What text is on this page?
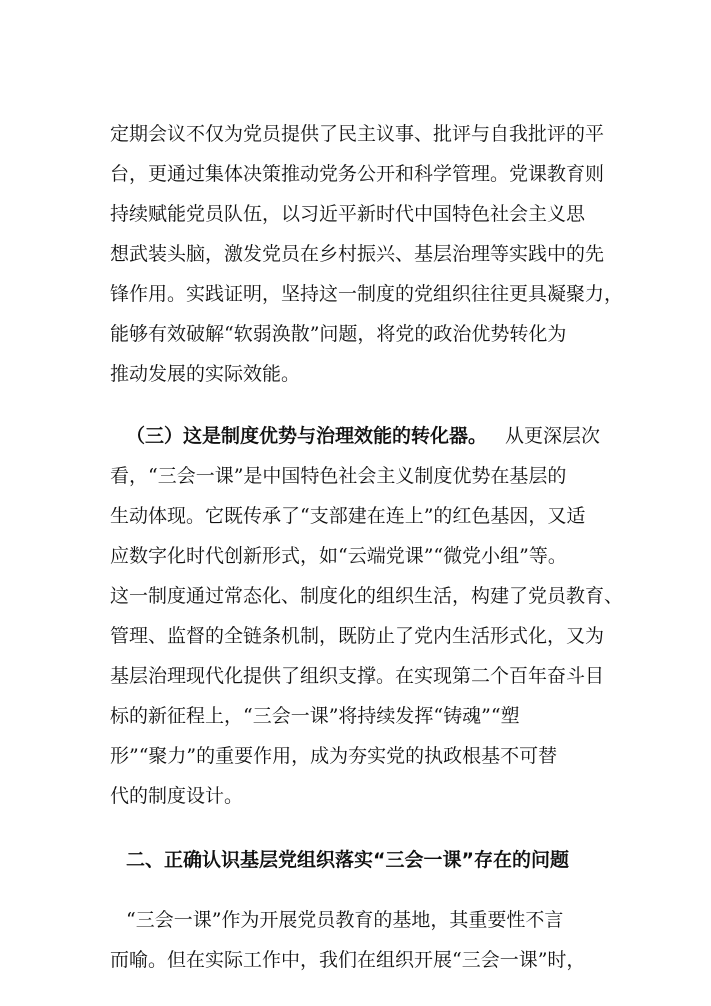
定期会议不仅为党员提供了民主议事、批评与自我批评的平
台，更通过集体决策推动党务公开和科学管理。党课教育则
持续赋能党员队伍，以习近平新时代中国特色社会主义思
想武装头脑，激发党员在乡村振兴、基层治理等实践中的先
锋作用。实践证明，坚持这一制度的党组织往往更具凝聚力，
能够有效破解“软弱涣散”问题，将党的政治优势转化为
推动发展的实际效能。
（三）这是制度优势与治理效能的转化器。 从更深层次
看，“三会一课”是中国特色社会主义制度优势在基层的
生动体现。它既传承了“支部建在连上”的红色基因，又适
应数字化时代创新形式，如“云端党课”“微党小组”等。
这一制度通过常态化、制度化的组织生活，构建了党员教育、
管理、监督的全链条机制，既防止了党内生活形式化，又为
基层治理现代化提供了组织支撑。在实现第二个百年奋斗目
标的新征程上，“三会一课”将持续发挥“铸魂”“塑
形”“聚力”的重要作用，成为夯实党的执政根基不可替
代的制度设计。
二、正确认识基层党组织落实“三会一课”存在的问题
“三会一课”作为开展党员教育的基地，其重要性不言
而喻。但在实际工作中，我们在组织开展“三会一课”时，
